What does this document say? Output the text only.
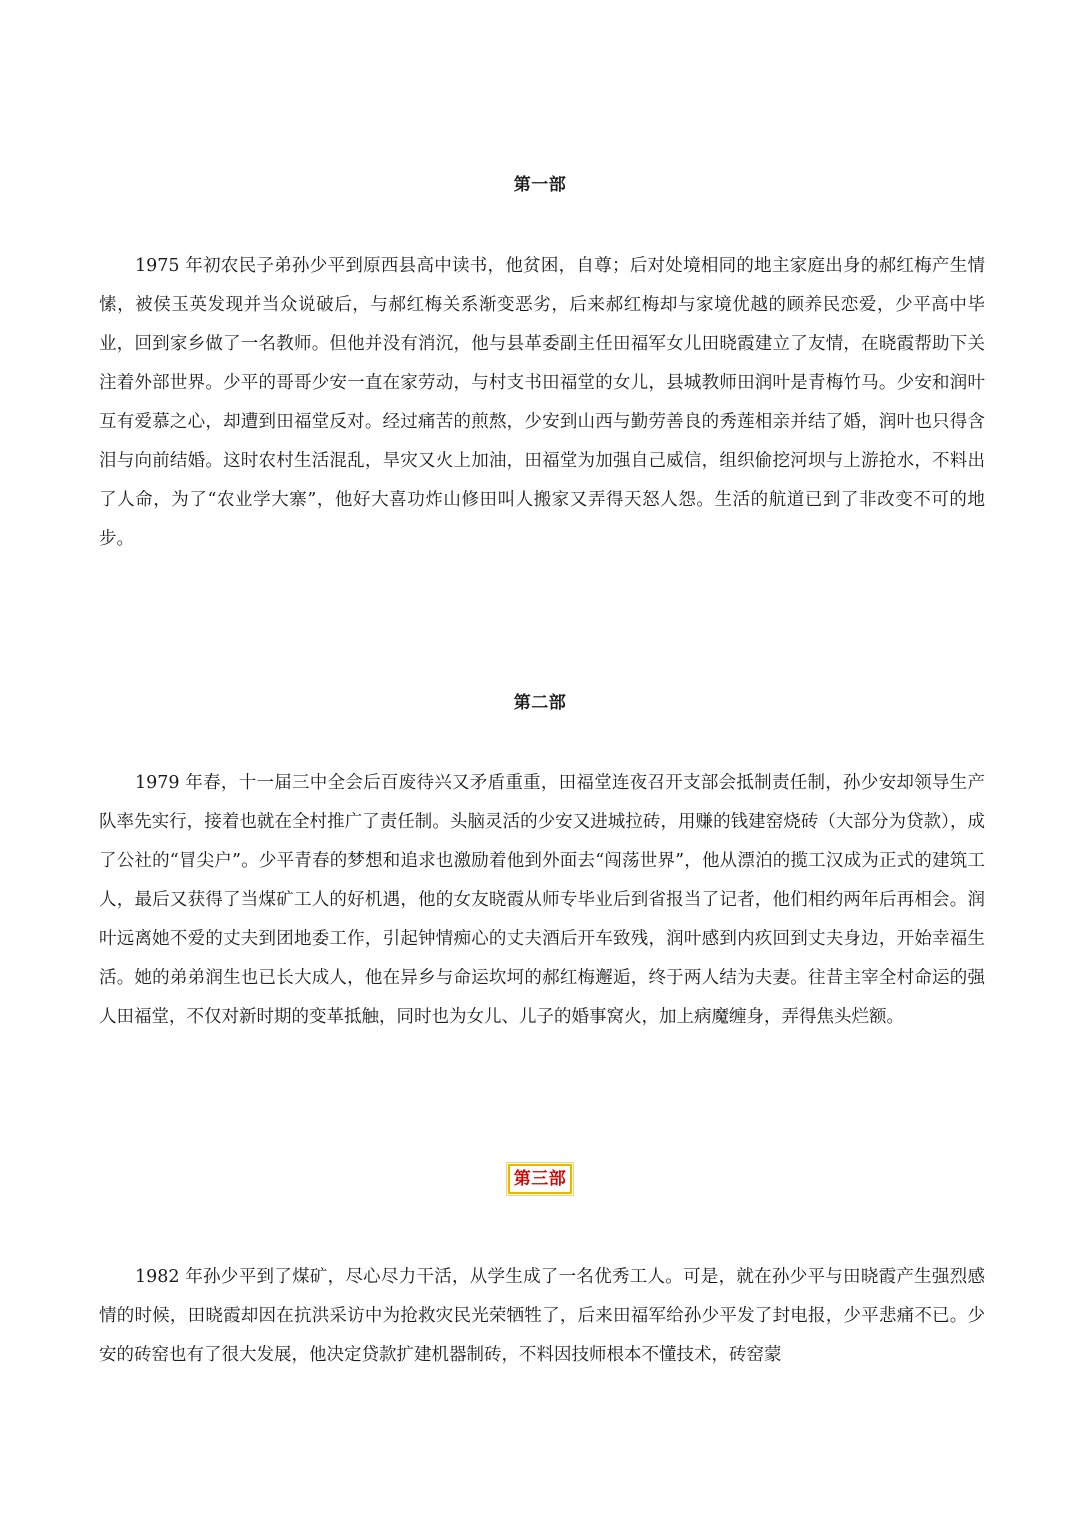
第一部

1975 年初农民子弟孙少平到原西县高中读书，他贫困，自尊；后对处境相同的地主家庭出身的郝红梅产生情愫，被侯玉英发现并当众说破后，与郝红梅关系渐变恶劣，后来郝红梅却与家境优越的顾养民恋爱，少平高中毕业，回到家乡做了一名教师。但他并没有消沉，他与县革委副主任田福军女儿田晓霞建立了友情，在晓霞帮助下关注着外部世界。少平的哥哥少安一直在家劳动，与村支书田福堂的女儿，县城教师田润叶是青梅竹马。少安和润叶互有爱慕之心，却遭到田福堂反对。经过痛苦的煎熬，少安到山西与勤劳善良的秀莲相亲并结了婚，润叶也只得含泪与向前结婚。这时农村生活混乱，旱灾又火上加油，田福堂为加强自己威信，组织偷挖河坝与上游抢水，不料出了人命，为了“农业学大寨”，他好大喜功炸山修田叫人搬家又弄得天怒人怨。生活的航道已到了非改变不可的地步。

第二部

1979 年春，十一届三中全会后百废待兴又矛盾重重，田福堂连夜召开支部会抵制责任制，孙少安却领导生产队率先实行，接着也就在全村推广了责任制。头脑灵活的少安又进城拉砖，用赚的钱建窑烧砖（大部分为贷款），成了公社的“冒尖户”。少平青春的梦想和追求也激励着他到外面去“闯荡世界”，他从漂泊的揽工汉成为正式的建筑工人，最后又获得了当煤矿工人的好机遇，他的女友晓霞从师专毕业后到省报当了记者，他们相约两年后再相会。润叶远离她不爱的丈夫到团地委工作，引起钟情痴心的丈夫酒后开车致残，润叶感到内疚回到丈夫身边，开始幸福生活。她的弟弟润生也已长大成人，他在异乡与命运坎坷的郝红梅邂逅，终于两人结为夫妻。往昔主宰全村命运的强人田福堂，不仅对新时期的变革抵触，同时也为女儿、儿子的婚事窝火，加上病魔缠身，弄得焦头烂额。

第三部

1982 年孙少平到了煤矿，尽心尽力干活，从学生成了一名优秀工人。可是，就在孙少平与田晓霞产生强烈感情的时候，田晓霞却因在抗洪采访中为抢救灾民光荣牺牲了，后来田福军给孙少平发了封电报，少平悲痛不已。少安的砖窑也有了很大发展，他决定贷款扩建机器制砖，不料因技师根本不懂技术，砖窑蒙
